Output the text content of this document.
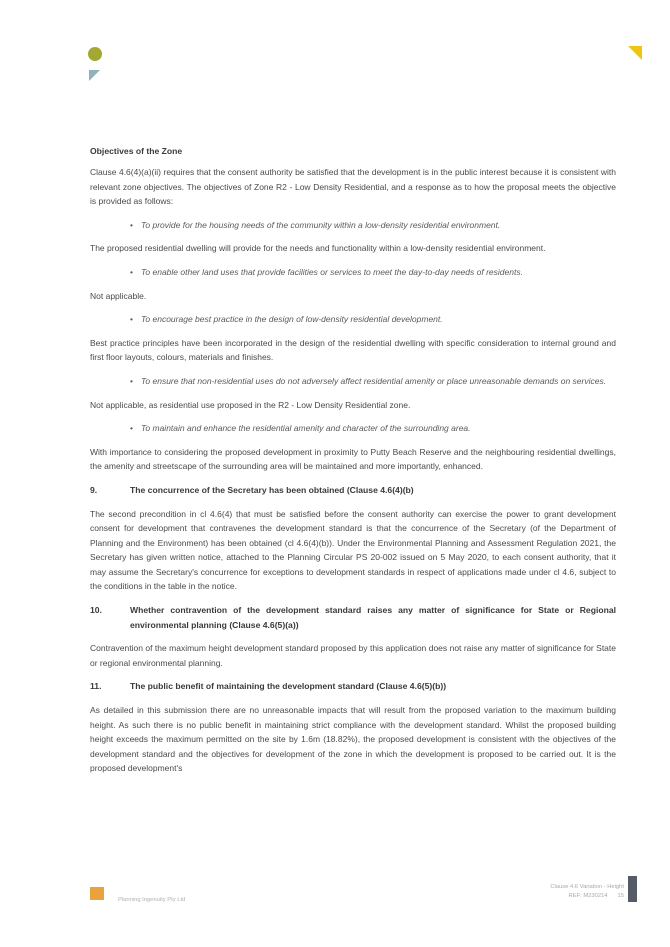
Objectives of the Zone

Clause 4.6(4)(a)(ii) requires that the consent authority be satisfied that the development is in the public interest because it is consistent with relevant zone objectives. The objectives of Zone R2 - Low Density Residential, and a response as to how the proposal meets the objective is provided as follows:

• To provide for the housing needs of the community within a low-density residential environment.

The proposed residential dwelling will provide for the needs and functionality within a low-density residential environment.

• To enable other land uses that provide facilities or services to meet the day-to-day needs of residents.

Not applicable.

• To encourage best practice in the design of low-density residential development.

Best practice principles have been incorporated in the design of the residential dwelling with specific consideration to internal ground and first floor layouts, colours, materials and finishes.

• To ensure that non-residential uses do not adversely affect residential amenity or place unreasonable demands on services.

Not applicable, as residential use proposed in the R2 - Low Density Residential zone.

• To maintain and enhance the residential amenity and character of the surrounding area.

With importance to considering the proposed development in proximity to Putty Beach Reserve and the neighbouring residential dwellings, the amenity and streetscape of the surrounding area will be maintained and more importantly, enhanced.

9.	The concurrence of the Secretary has been obtained (Clause 4.6(4)(b)

The second precondition in cl 4.6(4) that must be satisfied before the consent authority can exercise the power to grant development consent for development that contravenes the development standard is that the concurrence of the Secretary (of the Department of Planning and the Environment) has been obtained (cl 4.6(4)(b)). Under the Environmental Planning and Assessment Regulation 2021, the Secretary has given written notice, attached to the Planning Circular PS 20-002 issued on 5 May 2020, to each consent authority, that it may assume the Secretary's concurrence for exceptions to development standards in respect of applications made under cl 4.6, subject to the conditions in the table in the notice.

10.	Whether contravention of the development standard raises any matter of significance for State or Regional environmental planning (Clause 4.6(5)(a))

Contravention of the maximum height development standard proposed by this application does not raise any matter of significance for State or regional environmental planning.

11.	The public benefit of maintaining the development standard (Clause 4.6(5)(b))

As detailed in this submission there are no unreasonable impacts that will result from the proposed variation to the maximum building height. As such there is no public benefit in maintaining strict compliance with the development standard. Whilst the proposed building height exceeds the maximum permitted on the site by 1.6m (18.82%), the proposed development is consistent with the objectives of the development standard and the objectives for development of the zone in which the development is proposed to be carried out. It is the proposed development's

Planning Ingenuity Pty Ltd
Clause 4.6 Variation - Height
REF: M230214 15
